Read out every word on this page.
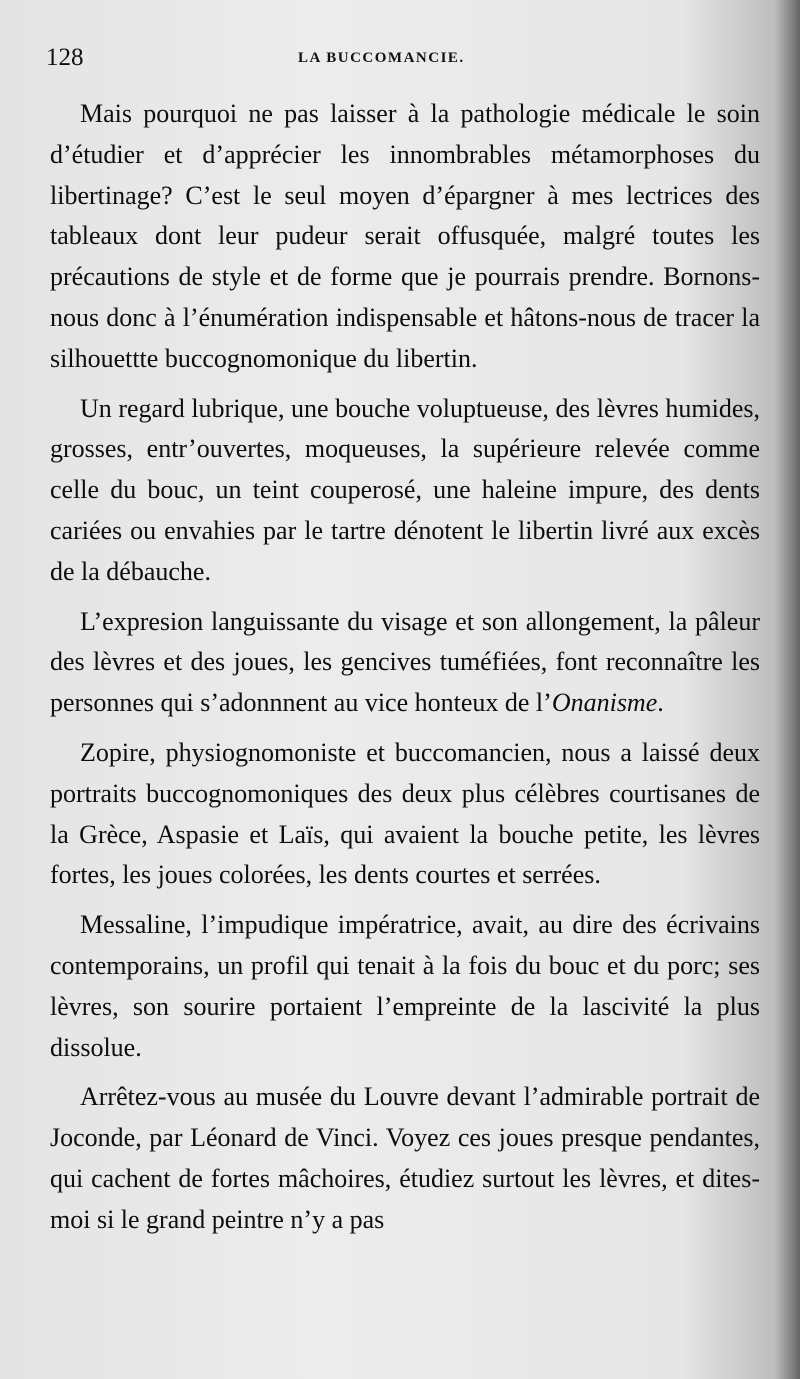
128	LA BUCCOMANCIE.

Mais pourquoi ne pas laisser à la pathologie médicale le soin d’étudier et d’apprécier les innombrables métamorphoses du libertinage? C’est le seul moyen d’épargner à mes lectrices des tableaux dont leur pudeur serait offusquée, malgré toutes les précautions de style et de forme que je pourrais prendre. Bornons-nous donc à l’énumération indispensable et hâtons-nous de tracer la silhouettte buccognomonique du libertin.

Un regard lubrique, une bouche voluptueuse, des lèvres humides, grosses, entr’ouvertes, moqueuses, la supérieure relevée comme celle du bouc, un teint couperosé, une haleine impure, des dents cariées ou envahies par le tartre dénotent le libertin livré aux excès de la débauche.

L’expresion languissante du visage et son allongement, la pâleur des lèvres et des joues, les gencives tuméfiées, font reconnaître les personnes qui s’adonnnent au vice honteux de l’Onanisme.

Zopire, physiognomoniste et buccomancien, nous a laissé deux portraits buccognomoniques des deux plus célèbres courtisanes de la Grèce, Aspasie et Laïs, qui avaient la bouche petite, les lèvres fortes, les joues colorées, les dents courtes et serrées.

Messaline, l’impudique impératrice, avait, au dire des écrivains contemporains, un profil qui tenait à la fois du bouc et du porc; ses lèvres, son sourire portaient l’empreinte de la lascivité la plus dissolue.

Arrêtez-vous au musée du Louvre devant l’admirable portrait de Joconde, par Léonard de Vinci. Voyez ces joues presque pendantes, qui cachent de fortes mâchoires, étudiez surtout les lèvres, et dites-moi si le grand peintre n’y a pas
